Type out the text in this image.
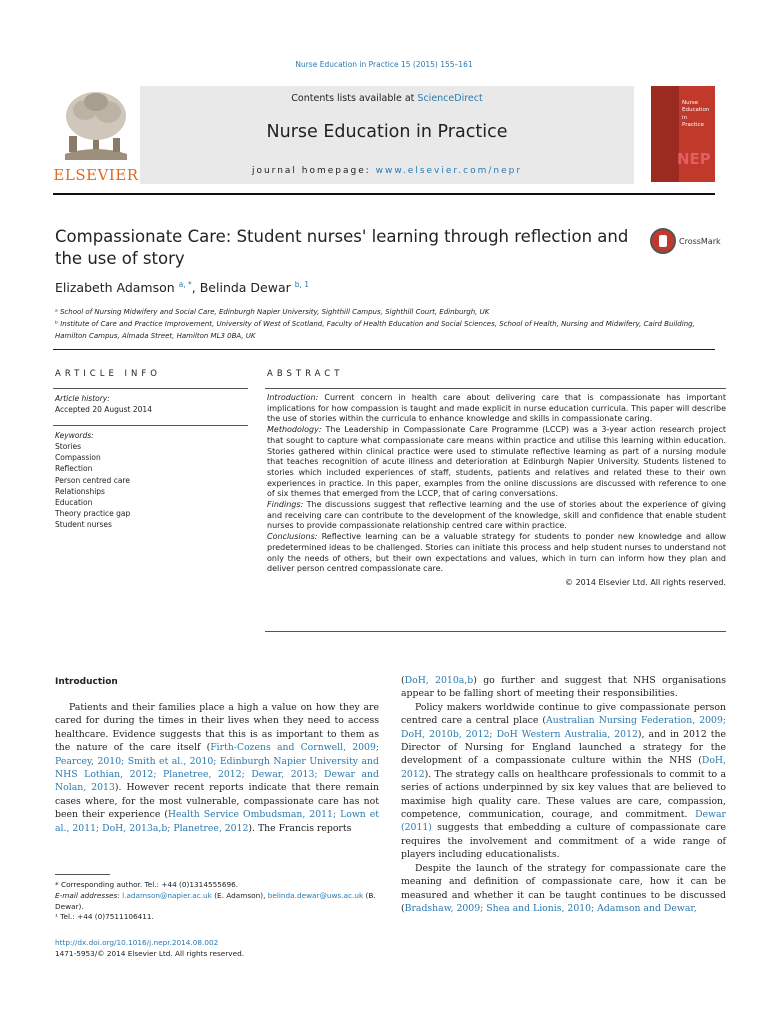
Nurse Education in Practice 15 (2015) 155–161
ELSEVIER
Contents lists available at ScienceDirect
Nurse Education in Practice
journal homepage: www.elsevier.com/nepr
Nurse
Education in
Practice
NEP
Compassionate Care: Student nurses' learning through reflection and the use of story
CrossMark
Elizabeth Adamson $^{a, *}$, Belinda Dewar $^{b, 1}$
ᵃ School of Nursing Midwifery and Social Care, Edinburgh Napier University, Sighthill Campus, Sighthill Court, Edinburgh, UK
ᵇ Institute of Care and Practice Improvement, University of West of Scotland, Faculty of Health Education and Social Sciences, School of Health, Nursing and Midwifery, Caird Building, Hamilton Campus, Almada Street, Hamilton ML3 0BA, UK
ARTICLE INFO	ABSTRACT
Article history:
Accepted 20 August 2014
Keywords:
Stories
Compassion
Reflection
Person centred care
Relationships
Education
Theory practice gap
Student nurses

Introduction: Current concern in health care about delivering care that is compassionate has important implications for how compassion is taught and made explicit in nurse education curricula. This paper will describe the use of stories within the curricula to enhance knowledge and skills in compassionate caring.

Methodology: The Leadership in Compassionate Care Programme (LCCP) was a 3-year action research project that sought to capture what compassionate care means within practice and utilise this learning within education. Stories gathered within clinical practice were used to stimulate reflective learning as part of a nursing module that teaches recognition of acute illness and deterioration at Edinburgh Napier University. Students listened to stories which included experiences of staff, students, patients and relatives and related these to their own experiences in practice. In this paper, examples from the online discussions are discussed with reference to one of six themes that emerged from the LCCP, that of caring conversations.

Findings: The discussions suggest that reflective learning and the use of stories about the experience of giving and receiving care can contribute to the development of the knowledge, skill and confidence that enable student nurses to provide compassionate relationship centred care within practice.

Conclusions: Reflective learning can be a valuable strategy for students to ponder new knowledge and allow predetermined ideas to be challenged. Stories can initiate this process and help student nurses to understand not only the needs of others, but their own expectations and values, which in turn can inform how they plan and deliver person centred compassionate care.

© 2014 Elsevier Ltd. All rights reserved.

Introduction

Patients and their families place a high a value on how they are cared for during the times in their lives when they need to access healthcare. Evidence suggests that this is as important to them as the nature of the care itself (Firth-Cozens and Cornwell, 2009; Pearcey, 2010; Smith et al., 2010; Edinburgh Napier University and NHS Lothian, 2012; Planetree, 2012; Dewar, 2013; Dewar and Nolan, 2013). However recent reports indicate that there remain cases where, for the most vulnerable, compassionate care has not been their experience (Health Service Ombudsman, 2011; Lown et al., 2011; DoH, 2013a,b; Planetree, 2012). The Francis reports

(DoH, 2010a,b) go further and suggest that NHS organisations appear to be falling short of meeting their responsibilities.

Policy makers worldwide continue to give compassionate person centred care a central place (Australian Nursing Federation, 2009; DoH, 2010b, 2012; DoH Western Australia, 2012), and in 2012 the Director of Nursing for England launched a strategy for the development of a compassionate culture within the NHS (DoH, 2012). The strategy calls on healthcare professionals to commit to a series of actions underpinned by six key values that are believed to maximise high quality care. These values are care, compassion, competence, communication, courage, and commitment. Dewar (2011) suggests that embedding a culture of compassionate care requires the involvement and commitment of a wide range of players including educationalists.

Despite the launch of the strategy for compassionate care the meaning and definition of compassionate care, how it can be measured and whether it can be taught continues to be discussed (Bradshaw, 2009; Shea and Lionis, 2010; Adamson and Dewar,

* Corresponding author. Tel.: +44 (0)1314555696.

E-mail addresses: l.adamson@napier.ac.uk (E. Adamson), belinda.dewar@uws.ac.uk (B. Dewar).

¹ Tel.: +44 (0)7511106411.

http://dx.doi.org/10.1016/j.nepr.2014.08.002
1471-5953/© 2014 Elsevier Ltd. All rights reserved.
